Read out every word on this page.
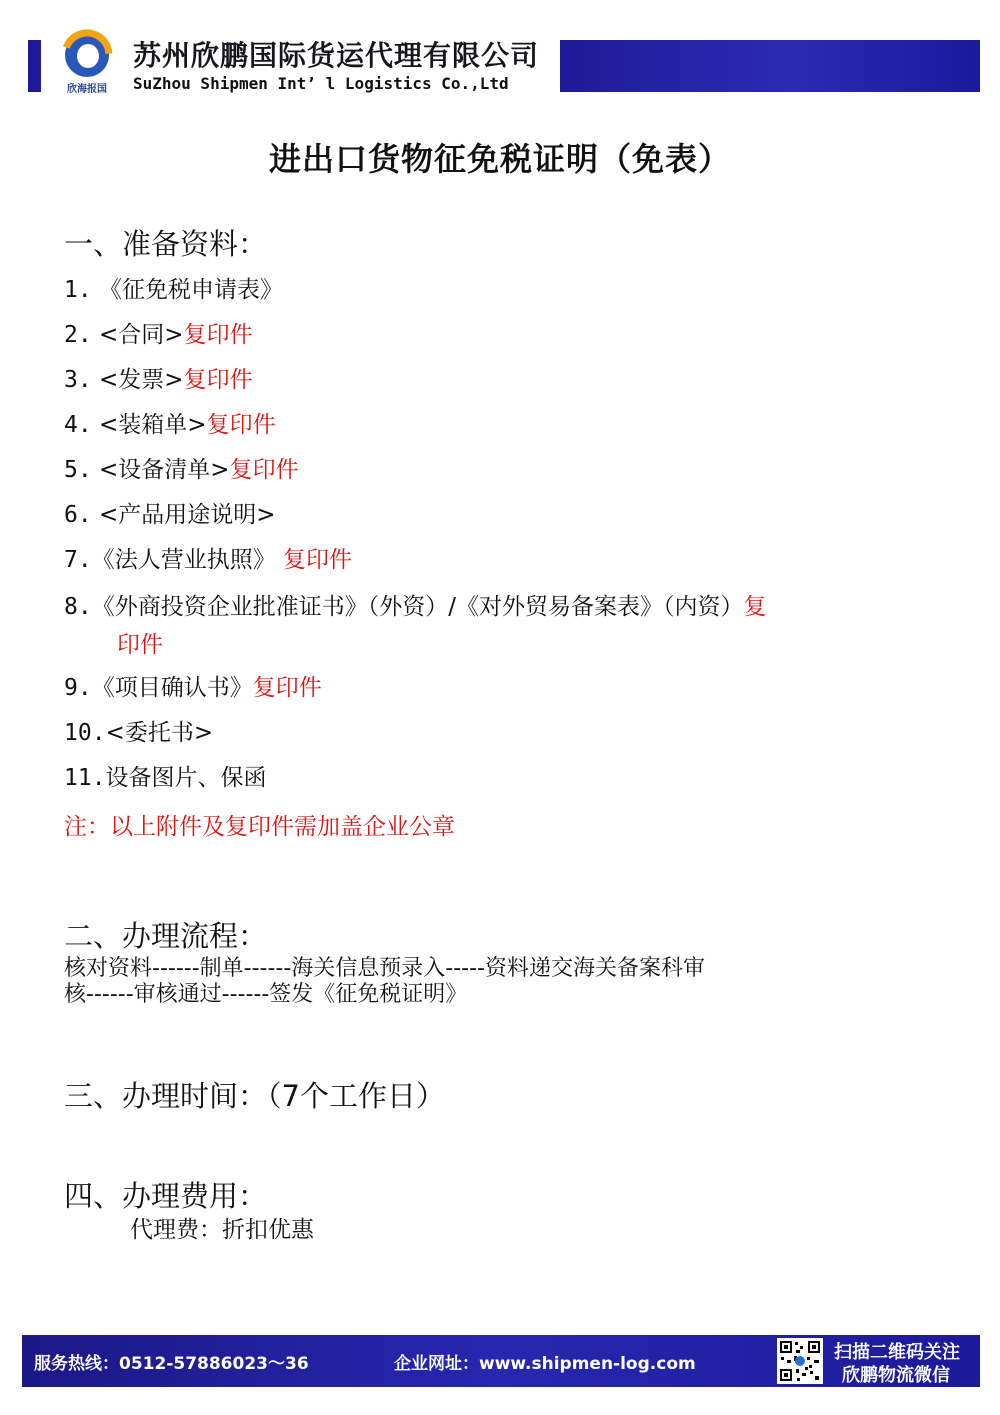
欣海报国
苏州欣鹏国际货运代理有限公司
SuZhou Shipmen Int’ l Logistics Co.,Ltd
进出口货物征免税证明（免表）
一、准备资料：
1. 《征免税申请表》
2. <合同>复印件
3. <发票>复印件
4. <装箱单>复印件
5. <设备清单>复印件
6. <产品用途说明>
7.《法人营业执照》 复印件
8.《外商投资企业批准证书》（外资）/《对外贸易备案表》（内资）复
印件
9.《项目确认书》复印件
10.<委托书>
11.设备图片、保函
注：以上附件及复印件需加盖企业公章
二、办理流程：
核对资料------制单------海关信息预录入-----资料递交海关备案科审
核------审核通过------签发《征免税证明》
三、办理时间：（7个工作日）
四、办理费用：
代理费：折扣优惠
服务热线：0512-57886023～36	企业网址：www.shipmen-log.com
扫描二维码关注
欣鹏物流微信
